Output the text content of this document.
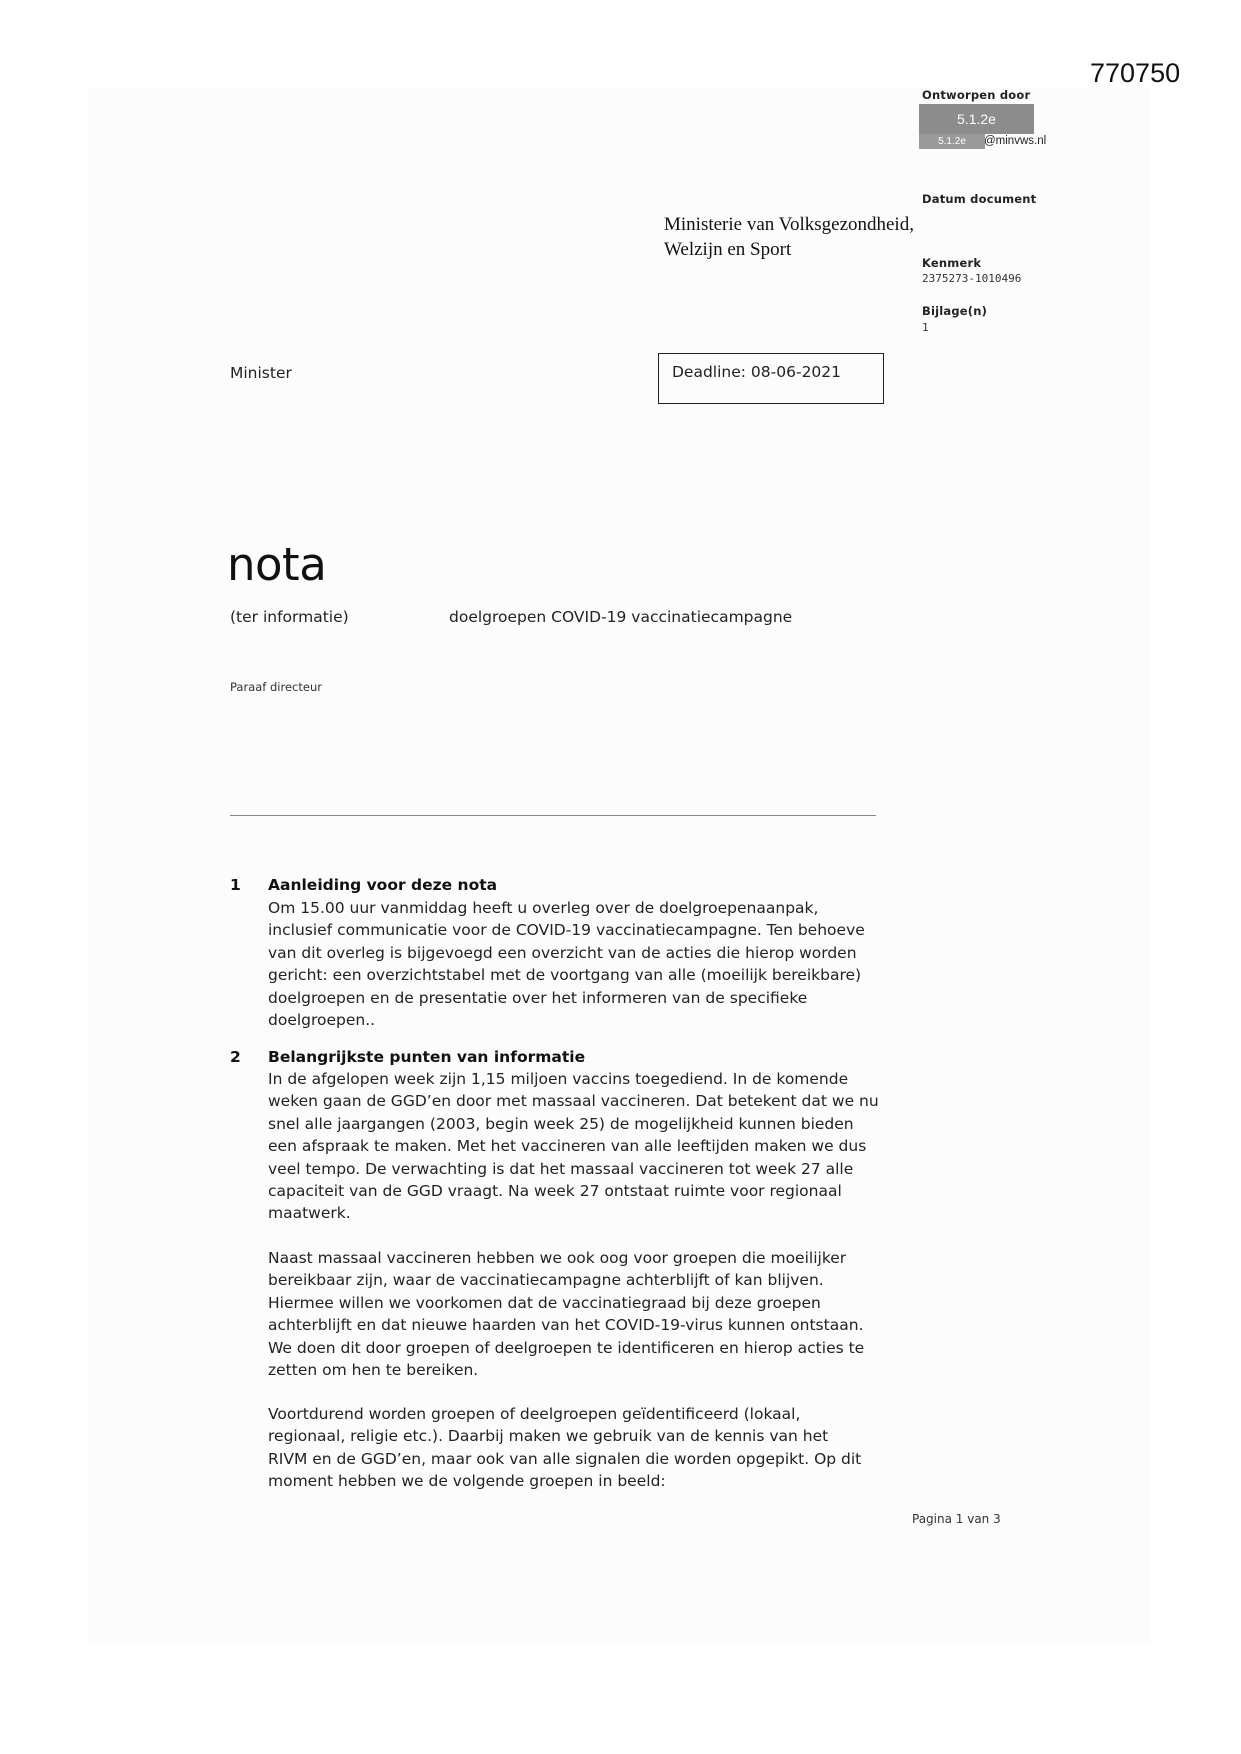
770750
Ontworpen door
5.1.2e
5.1.2e	@minvws.nl
Datum document
Kenmerk
2375273-1010496
Bijlage(n)
1
Ministerie van Volksgezondheid,
Welzijn en Sport
Minister	Deadline: 08-06-2021
nota
(ter informatie)	doelgroepen COVID-19 vaccinatiecampagne
Paraaf directeur
1 Aanleiding voor deze nota
Om 15.00 uur vanmiddag heeft u overleg over de doelgroepenaanpak,
inclusief communicatie voor de COVID-19 vaccinatiecampagne. Ten behoeve
van dit overleg is bijgevoegd een overzicht van de acties die hierop worden
gericht: een overzichtstabel met de voortgang van alle (moeilijk bereikbare)
doelgroepen en de presentatie over het informeren van de specifieke
doelgroepen..
2 Belangrijkste punten van informatie
In de afgelopen week zijn 1,15 miljoen vaccins toegediend. In de komende
weken gaan de GGD’en door met massaal vaccineren. Dat betekent dat we nu
snel alle jaargangen (2003, begin week 25) de mogelijkheid kunnen bieden
een afspraak te maken. Met het vaccineren van alle leeftijden maken we dus
veel tempo. De verwachting is dat het massaal vaccineren tot week 27 alle
capaciteit van de GGD vraagt. Na week 27 ontstaat ruimte voor regionaal
maatwerk.
Naast massaal vaccineren hebben we ook oog voor groepen die moeilijker
bereikbaar zijn, waar de vaccinatiecampagne achterblijft of kan blijven.
Hiermee willen we voorkomen dat de vaccinatiegraad bij deze groepen
achterblijft en dat nieuwe haarden van het COVID-19-virus kunnen ontstaan.
We doen dit door groepen of deelgroepen te identificeren en hierop acties te
zetten om hen te bereiken.
Voortdurend worden groepen of deelgroepen geïdentificeerd (lokaal,
regionaal, religie etc.). Daarbij maken we gebruik van de kennis van het
RIVM en de GGD’en, maar ook van alle signalen die worden opgepikt. Op dit
moment hebben we de volgende groepen in beeld:
Pagina 1 van 3
